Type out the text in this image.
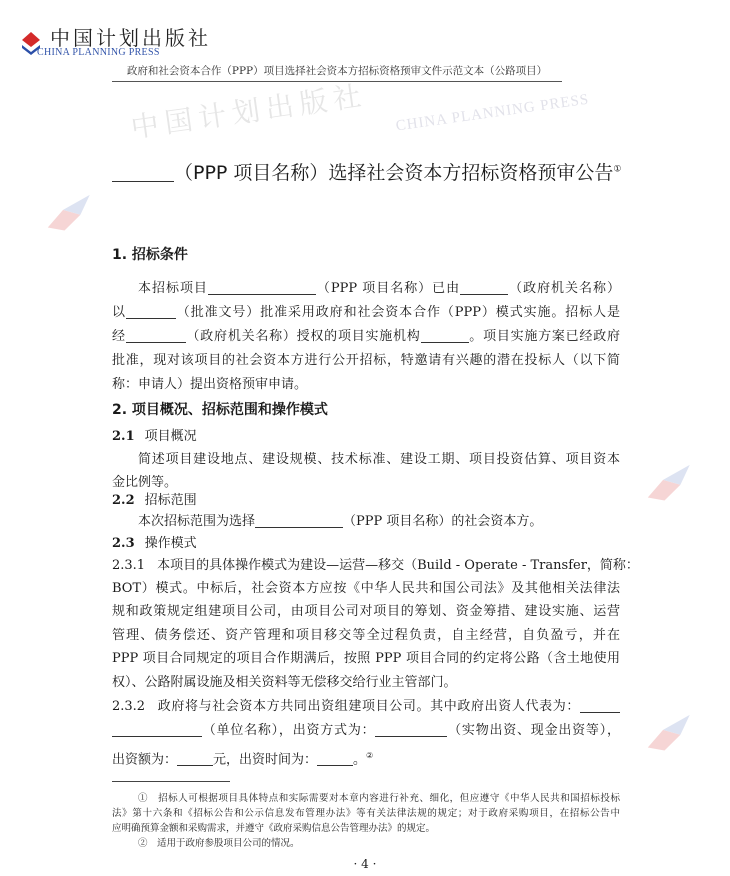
中国计划出版社 CHINA PLANNING PRESS
中国计划出版社
CHINA PLANNING PRESS
政府和社会资本合作（PPP）项目选择社会资本方招标资格预审文件示范文本（公路项目）
（PPP 项目名称）选择社会资本方招标资格预审公告①
1. 招标条件
本招标项目	（PPP 项目名称）已由	（政府机关名称）
以	（批准文号）批准采用政府和社会资本合作（PPP）模式实施。招标人是
经	（政府机关名称）授权的项目实施机构	。项目实施方案已经政府
批准，现对该项目的社会资本方进行公开招标，特邀请有兴趣的潜在投标人（以下简
称：申请人）提出资格预审申请。
2. 项目概况、招标范围和操作模式
2.1 项目概况
简述项目建设地点、建设规模、技术标准、建设工期、项目投资估算、项目资本
金比例等。
2.2 招标范围
本次招标范围为选择	（PPP 项目名称）的社会资本方。
2.3 操作模式
2.3.1 本项目的具体操作模式为建设—运营—移交（Build - Operate - Transfer，简称：
BOT）模式。中标后，社会资本方应按《中华人民共和国公司法》及其他相关法律法
规和政策规定组建项目公司，由项目公司对项目的筹划、资金筹措、建设实施、运营
管理、债务偿还、资产管理和项目移交等全过程负责，自主经营，自负盈亏，并在
PPP 项目合同规定的项目合作期满后，按照 PPP 项目合同的约定将公路（含土地使用
权）、公路附属设施及相关资料等无偿移交给行业主管部门。
2.3.2 政府将与社会资本方共同出资组建项目公司。其中政府出资人代表为：
（单位名称），出资方式为：	（实物出资、现金出资等），
出资额为：	元，出资时间为：	。②
①　招标人可根据项目具体特点和实际需要对本章内容进行补充、细化，但应遵守《中华人民共和国招标投标
法》第十六条和《招标公告和公示信息发布管理办法》等有关法律法规的规定；对于政府采购项目，在招标公告中
应明确预算金额和采购需求，并遵守《政府采购信息公告管理办法》的规定。
②　适用于政府参股项目公司的情况。
· 4 ·
